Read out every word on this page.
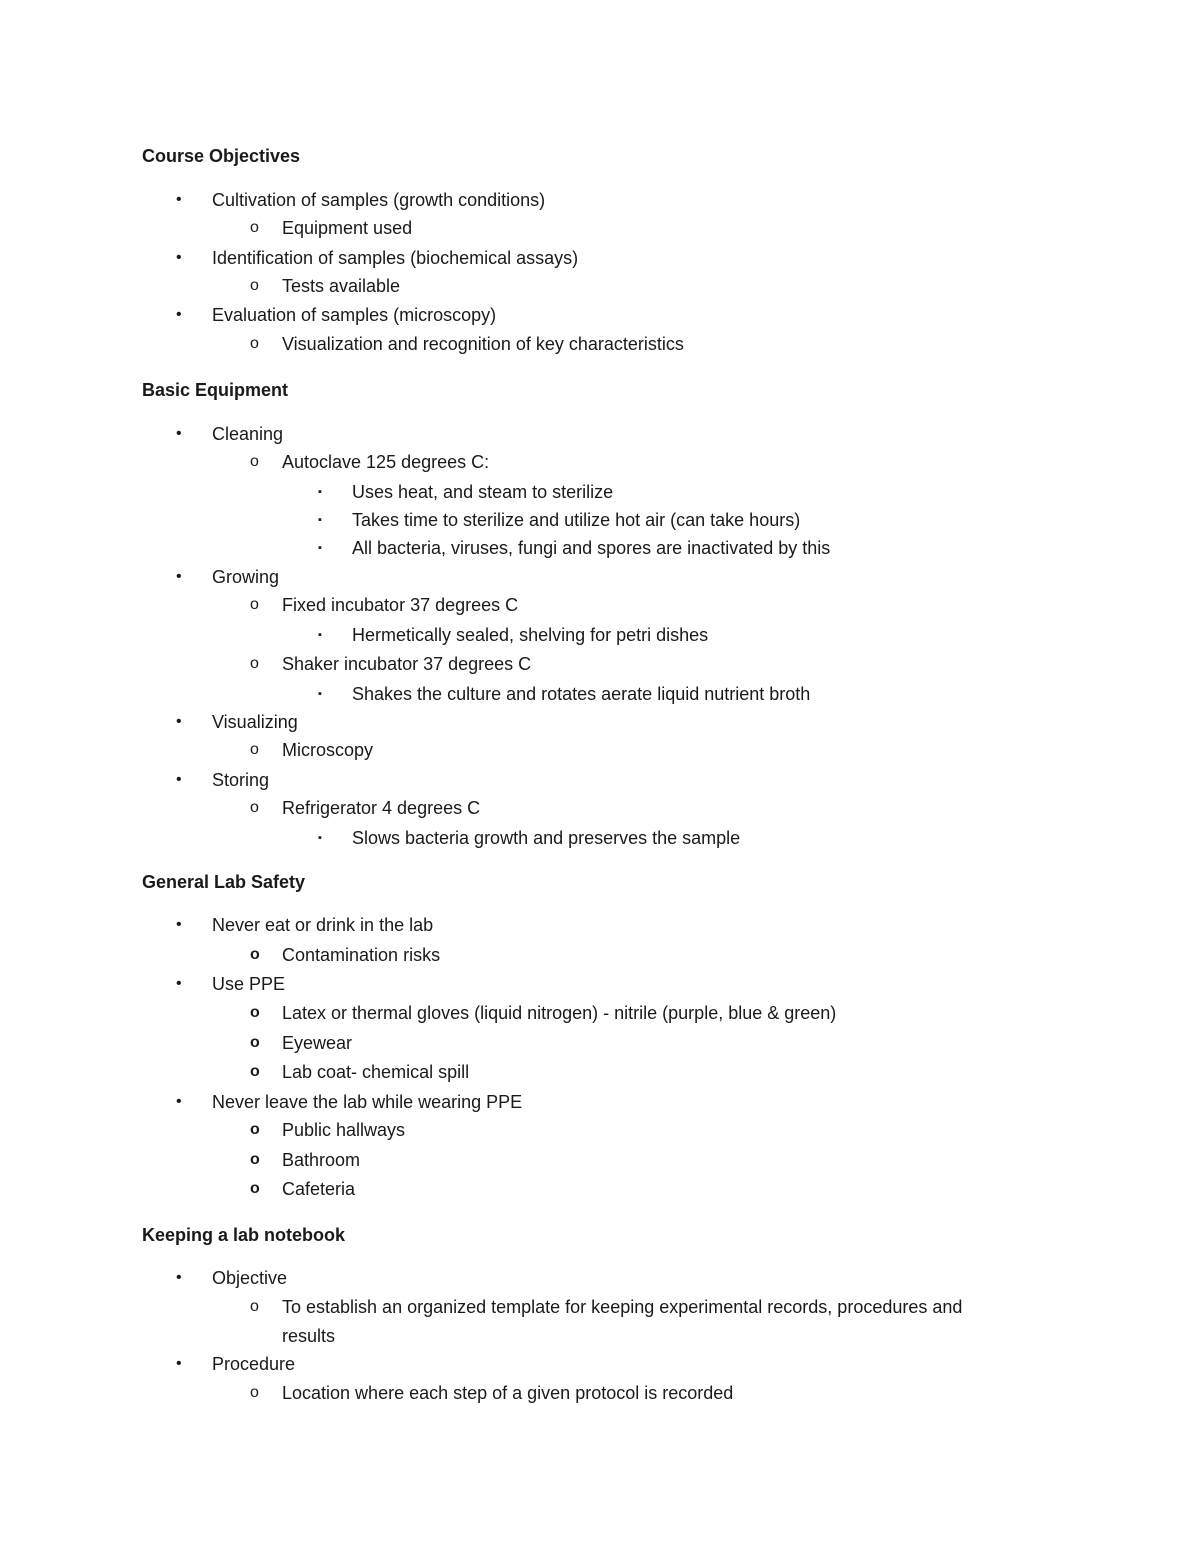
Course Objectives
• Cultivation of samples (growth conditions)
o Equipment used
• Identification of samples (biochemical assays)
o Tests available
• Evaluation of samples (microscopy)
o Visualization and recognition of key characteristics
Basic Equipment
• Cleaning
o Autoclave 125 degrees C:
▪ Uses heat, and steam to sterilize
▪ Takes time to sterilize and utilize hot air (can take hours)
▪ All bacteria, viruses, fungi and spores are inactivated by this
• Growing
o Fixed incubator 37 degrees C
▪ Hermetically sealed, shelving for petri dishes
o Shaker incubator 37 degrees C
▪ Shakes the culture and rotates aerate liquid nutrient broth
• Visualizing
o Microscopy
• Storing
o Refrigerator 4 degrees C
▪ Slows bacteria growth and preserves the sample
General Lab Safety
• Never eat or drink in the lab
o Contamination risks
• Use PPE
o Latex or thermal gloves (liquid nitrogen) - nitrile (purple, blue & green)
o Eyewear
o Lab coat- chemical spill
• Never leave the lab while wearing PPE
o Public hallways
o Bathroom
o Cafeteria
Keeping a lab notebook
• Objective
o To establish an organized template for keeping experimental records, procedures and
results
• Procedure
o Location where each step of a given protocol is recorded
